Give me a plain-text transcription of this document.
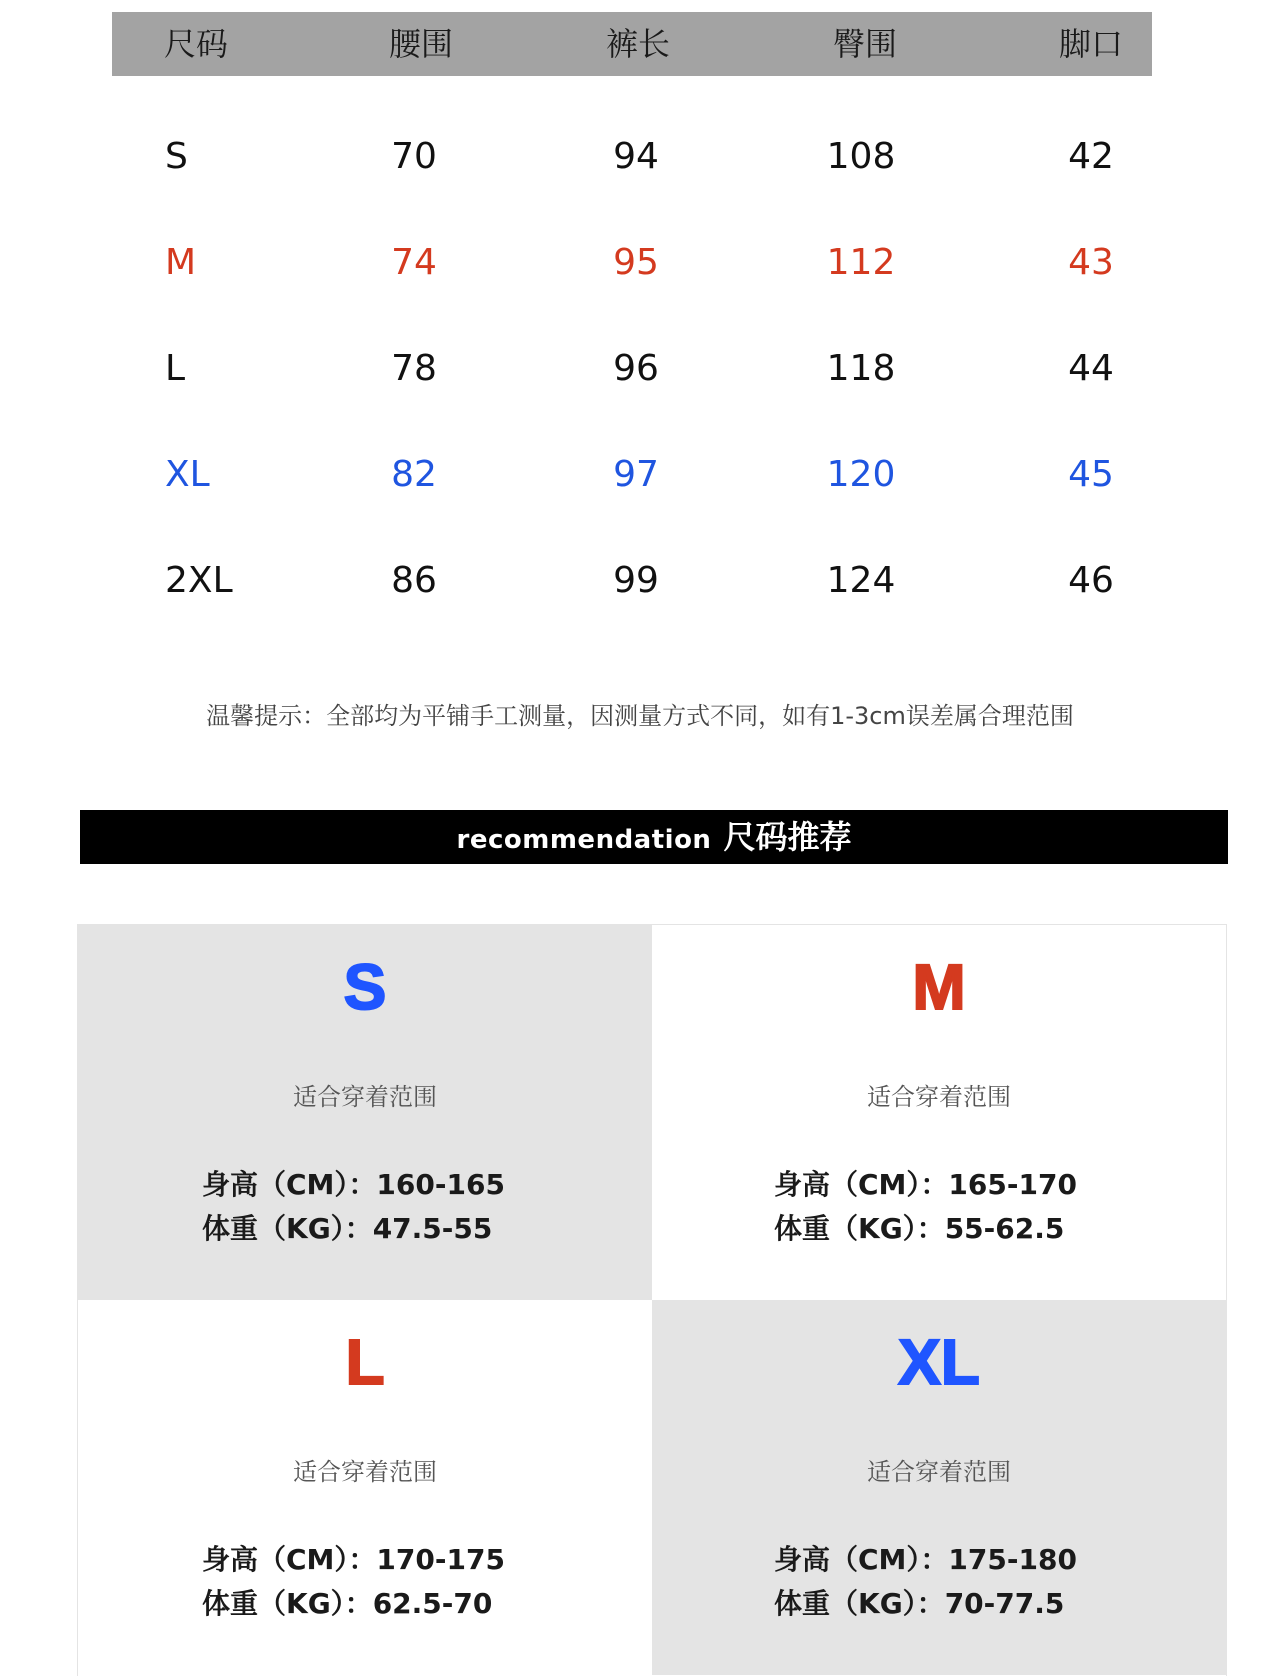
尺码	腰围	裤长	臀围	脚口
S	70	94	108	42
M	74	95	112	43
L	78	96	118	44
XL	82	97	120	45
2XL	86	99	124	46
温馨提示：全部均为平铺手工测量，因测量方式不同，如有1-3cm误差属合理范围
recommendation 尺码推荐
S
适合穿着范围
身高（CM）：160-165
体重（KG）：47.5-55
M
适合穿着范围
身高（CM）：165-170
体重（KG）：55-62.5
L
适合穿着范围
身高（CM）：170-175
体重（KG）：62.5-70
XL
适合穿着范围
身高（CM）：175-180
体重（KG）：70-77.5
